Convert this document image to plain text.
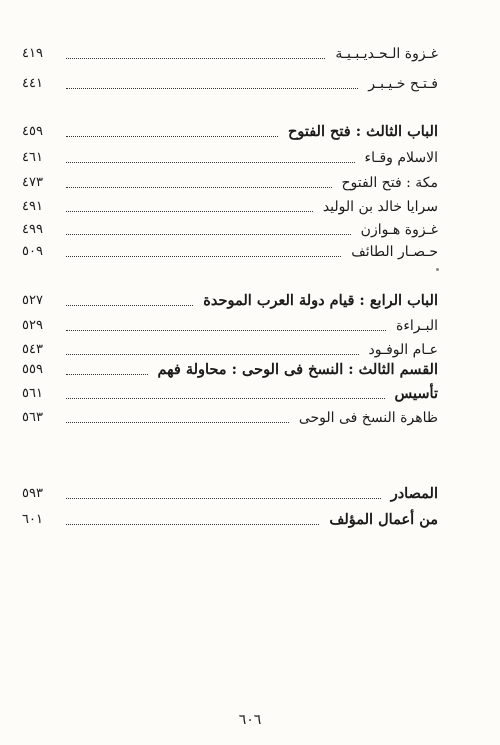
غـزوة الـحـديـبـيـة
٤١٩
فـتـح خـيـبـر
٤٤١
الباب الثالث : فتح الفتوح
٤٥٩
الاسلام وقـاء
٤٦١
مكة : فتح الفتوح
٤٧٣
سرايا خالد بن الوليد
٤٩١
غـزوة هـوازن
٤٩٩
حـصـار الطائف
٥٠٩
الباب الرابع : قيام دولة العرب الموحدة
٥٢٧
البـراءة
٥٢٩
عـام الوفـود
٥٤٣
القسم الثالث : النسخ فى الوحى : محاولة فهم
٥٥٩
تأسيس
٥٦١
ظاهرة النسخ فى الوحى
٥٦٣
المصادر
٥٩٣
من أعمال المؤلف
٦٠١
٦٠٦
